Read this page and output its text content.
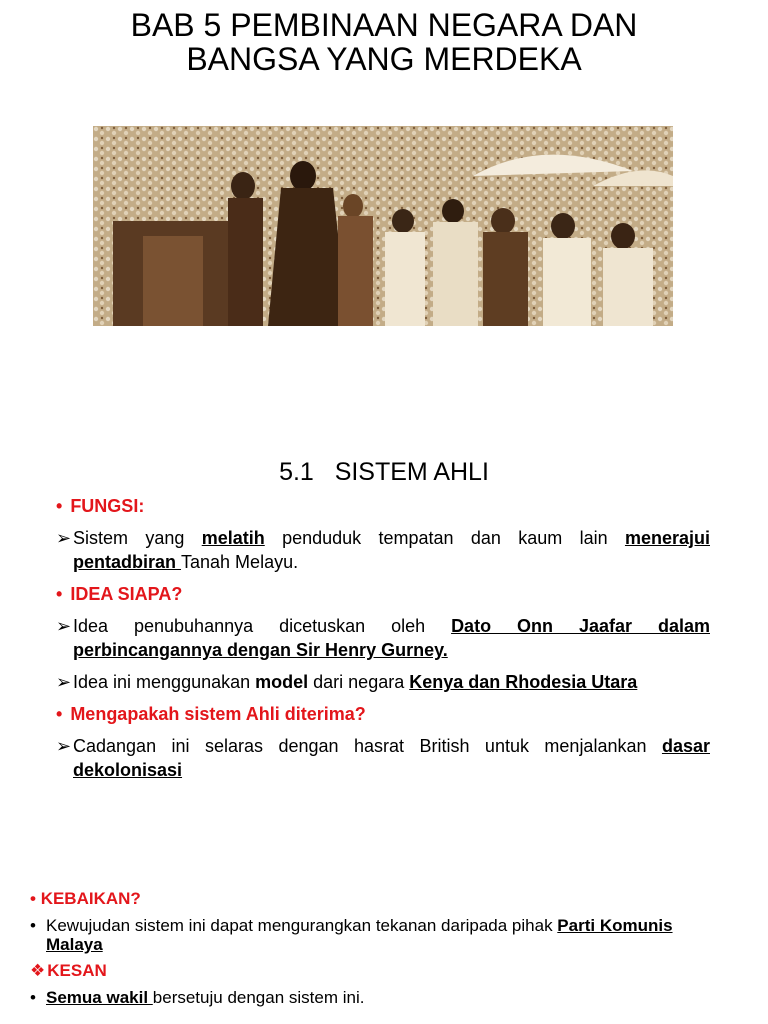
BAB 5 PEMBINAAN NEGARA DAN
BANGSA YANG MERDEKA
5.1 SISTEM AHLI
• FUNGSI:
➢ Sistem yang melatih penduduk tempatan dan kaum lain menerajui pentadbiran Tanah Melayu.
• IDEA SIAPA?
➢ Idea penubuhannya dicetuskan oleh Dato Onn Jaafar dalam perbincangannya dengan Sir Henry Gurney.
➢ Idea ini menggunakan model dari negara Kenya dan Rhodesia Utara
• Mengapakah sistem Ahli diterima?
➢ Cadangan ini selaras dengan hasrat British untuk menjalankan dasar dekolonisasi
• KEBAIKAN?
• Kewujudan sistem ini dapat mengurangkan tekanan daripada pihak Parti Komunis Malaya
❖ KESAN
• Semua wakil bersetuju dengan sistem ini.
